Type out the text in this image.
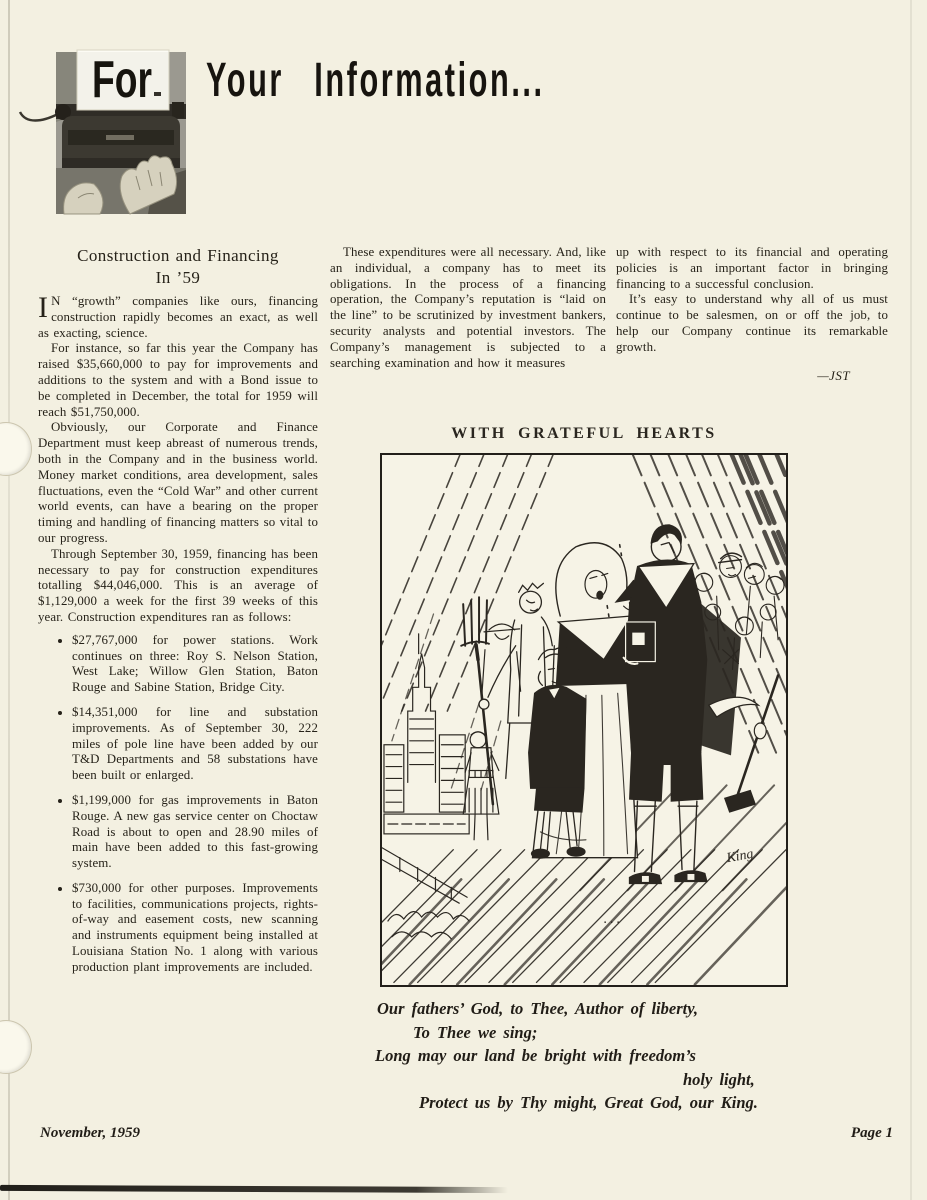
For Your Information...
Construction and Financing
In ’59

I N “growth” companies like ours, financing construction rapidly becomes an exact, as well as exacting, science.

For instance, so far this year the Company has raised $35,660,000 to pay for improvements and additions to the system and with a Bond issue to be completed in December, the total for 1959 will reach $51,750,000.

Obviously, our Corporate and Finance Department must keep abreast of numerous trends, both in the Company and in the business world. Money market conditions, area development, sales fluctuations, even the “Cold War” and other current world events, can have a bearing on the proper timing and handling of financing matters so vital to our progress.

Through September 30, 1959, financing has been necessary to pay for construction expenditures totalling $44,046,000. This is an average of $1,129,000 a week for the first 39 weeks of this year. Construction expenditures ran as follows:

• $27,767,000 for power stations. Work continues on three: Roy S. Nelson Station, West Lake; Willow Glen Station, Baton Rouge and Sabine Station, Bridge City.
• $14,351,000 for line and substation improvements. As of September 30, 222 miles of pole line have been added by our T&D Departments and 58 substations have been built or enlarged.
• $1,199,000 for gas improvements in Baton Rouge. A new gas service center on Choctaw Road is about to open and 28.90 miles of main have been added to this fast-growing system.
• $730,000 for other purposes. Improvements to facilities, communications projects, rights-of-way and easement costs, new scanning and instruments equipment being installed at Louisiana Station No. 1 along with various production plant improvements are included.

These expenditures were all necessary. And, like an individual, a company has to meet its obligations. In the process of a financing operation, the Company’s reputation is “laid on the line” to be scrutinized by investment bankers, security analysts and potential investors. The Company’s management is subjected to a searching examination and how it measures

up with respect to its financial and operating policies is an important factor in bringing financing to a successful conclusion.

It’s easy to understand why all of us must continue to be salesmen, on or off the job, to help our Company continue its remarkable growth.

—JST

WITH GRATEFUL HEARTS
...
King
Our fathers’ God, to Thee, Author of liberty,
To Thee we sing;
Long may our land be bright with freedom’s
holy light,
Protect us by Thy might, Great God, our King.
November, 1959	Page 1
